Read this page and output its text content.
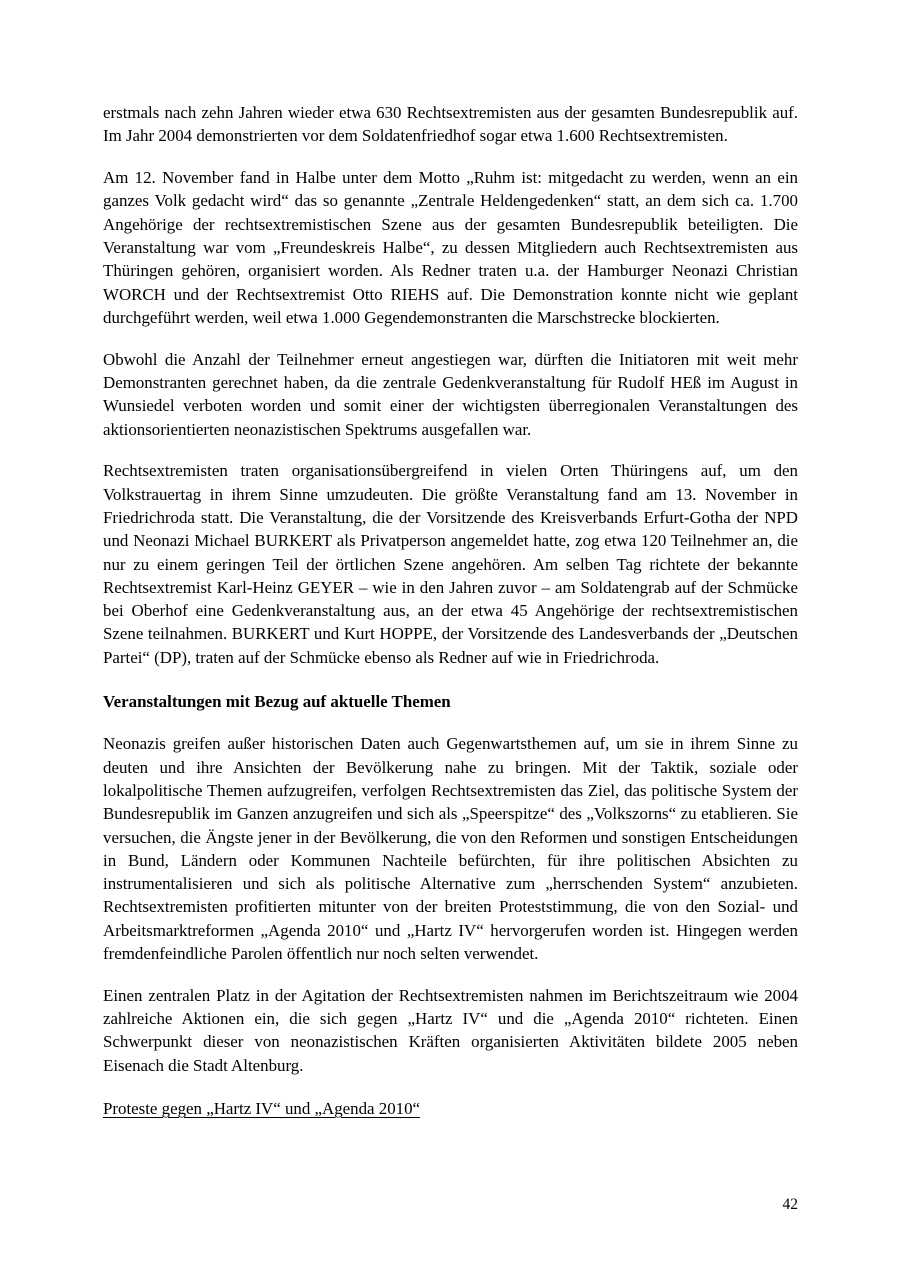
erstmals nach zehn Jahren wieder etwa 630 Rechtsextremisten aus der gesamten Bundesrepublik auf. Im Jahr 2004 demonstrierten vor dem Soldatenfriedhof sogar etwa 1.600 Rechtsextremisten.

Am 12. November fand in Halbe unter dem Motto „Ruhm ist: mitgedacht zu werden, wenn an ein ganzes Volk gedacht wird“ das so genannte „Zentrale Heldengedenken“ statt, an dem sich ca. 1.700 Angehörige der rechtsextremistischen Szene aus der gesamten Bundesrepublik beteiligten. Die Veranstaltung war vom „Freundeskreis Halbe“, zu dessen Mitgliedern auch Rechtsextremisten aus Thüringen gehören, organisiert worden. Als Redner traten u.a. der Hamburger Neonazi Christian WORCH und der Rechtsextremist Otto RIEHS auf. Die Demonstration konnte nicht wie geplant durchgeführt werden, weil etwa 1.000 Gegendemonstranten die Marschstrecke blockierten.

Obwohl die Anzahl der Teilnehmer erneut angestiegen war, dürften die Initiatoren mit weit mehr Demonstranten gerechnet haben, da die zentrale Gedenkveranstaltung für Rudolf HEß im August in Wunsiedel verboten worden und somit einer der wichtigsten überregionalen Veranstaltungen des aktionsorientierten neonazistischen Spektrums ausgefallen war.

Rechtsextremisten traten organisationsübergreifend in vielen Orten Thüringens auf, um den Volkstrauertag in ihrem Sinne umzudeuten. Die größte Veranstaltung fand am 13. November in Friedrichroda statt. Die Veranstaltung, die der Vorsitzende des Kreisverbands Erfurt-Gotha der NPD und Neonazi Michael BURKERT als Privatperson angemeldet hatte, zog etwa 120 Teilnehmer an, die nur zu einem geringen Teil der örtlichen Szene angehören. Am selben Tag richtete der bekannte Rechtsextremist Karl-Heinz GEYER – wie in den Jahren zuvor – am Soldatengrab auf der Schmücke bei Oberhof eine Gedenkveranstaltung aus, an der etwa 45 Angehörige der rechtsextremistischen Szene teilnahmen. BURKERT und Kurt HOPPE, der Vorsitzende des Landesverbands der „Deutschen Partei“ (DP), traten auf der Schmücke ebenso als Redner auf wie in Friedrichroda.

Veranstaltungen mit Bezug auf aktuelle Themen

Neonazis greifen außer historischen Daten auch Gegenwartsthemen auf, um sie in ihrem Sinne zu deuten und ihre Ansichten der Bevölkerung nahe zu bringen. Mit der Taktik, soziale oder lokalpolitische Themen aufzugreifen, verfolgen Rechtsextremisten das Ziel, das politische System der Bundesrepublik im Ganzen anzugreifen und sich als „Speerspitze“ des „Volkszorns“ zu etablieren. Sie versuchen, die Ängste jener in der Bevölkerung, die von den Reformen und sonstigen Entscheidungen in Bund, Ländern oder Kommunen Nachteile befürchten, für ihre politischen Absichten zu instrumentalisieren und sich als politische Alternative zum „herrschenden System“ anzubieten. Rechtsextremisten profitierten mitunter von der breiten Proteststimmung, die von den Sozial- und Arbeitsmarktreformen „Agenda 2010“ und „Hartz IV“ hervorgerufen worden ist. Hingegen werden fremdenfeindliche Parolen öffentlich nur noch selten verwendet.

Einen zentralen Platz in der Agitation der Rechtsextremisten nahmen im Berichtszeitraum wie 2004 zahlreiche Aktionen ein, die sich gegen „Hartz IV“ und die „Agenda 2010“ richteten. Einen Schwerpunkt dieser von neonazistischen Kräften organisierten Aktivitäten bildete 2005 neben Eisenach die Stadt Altenburg.

Proteste gegen „Hartz IV“ und „Agenda 2010“
42
